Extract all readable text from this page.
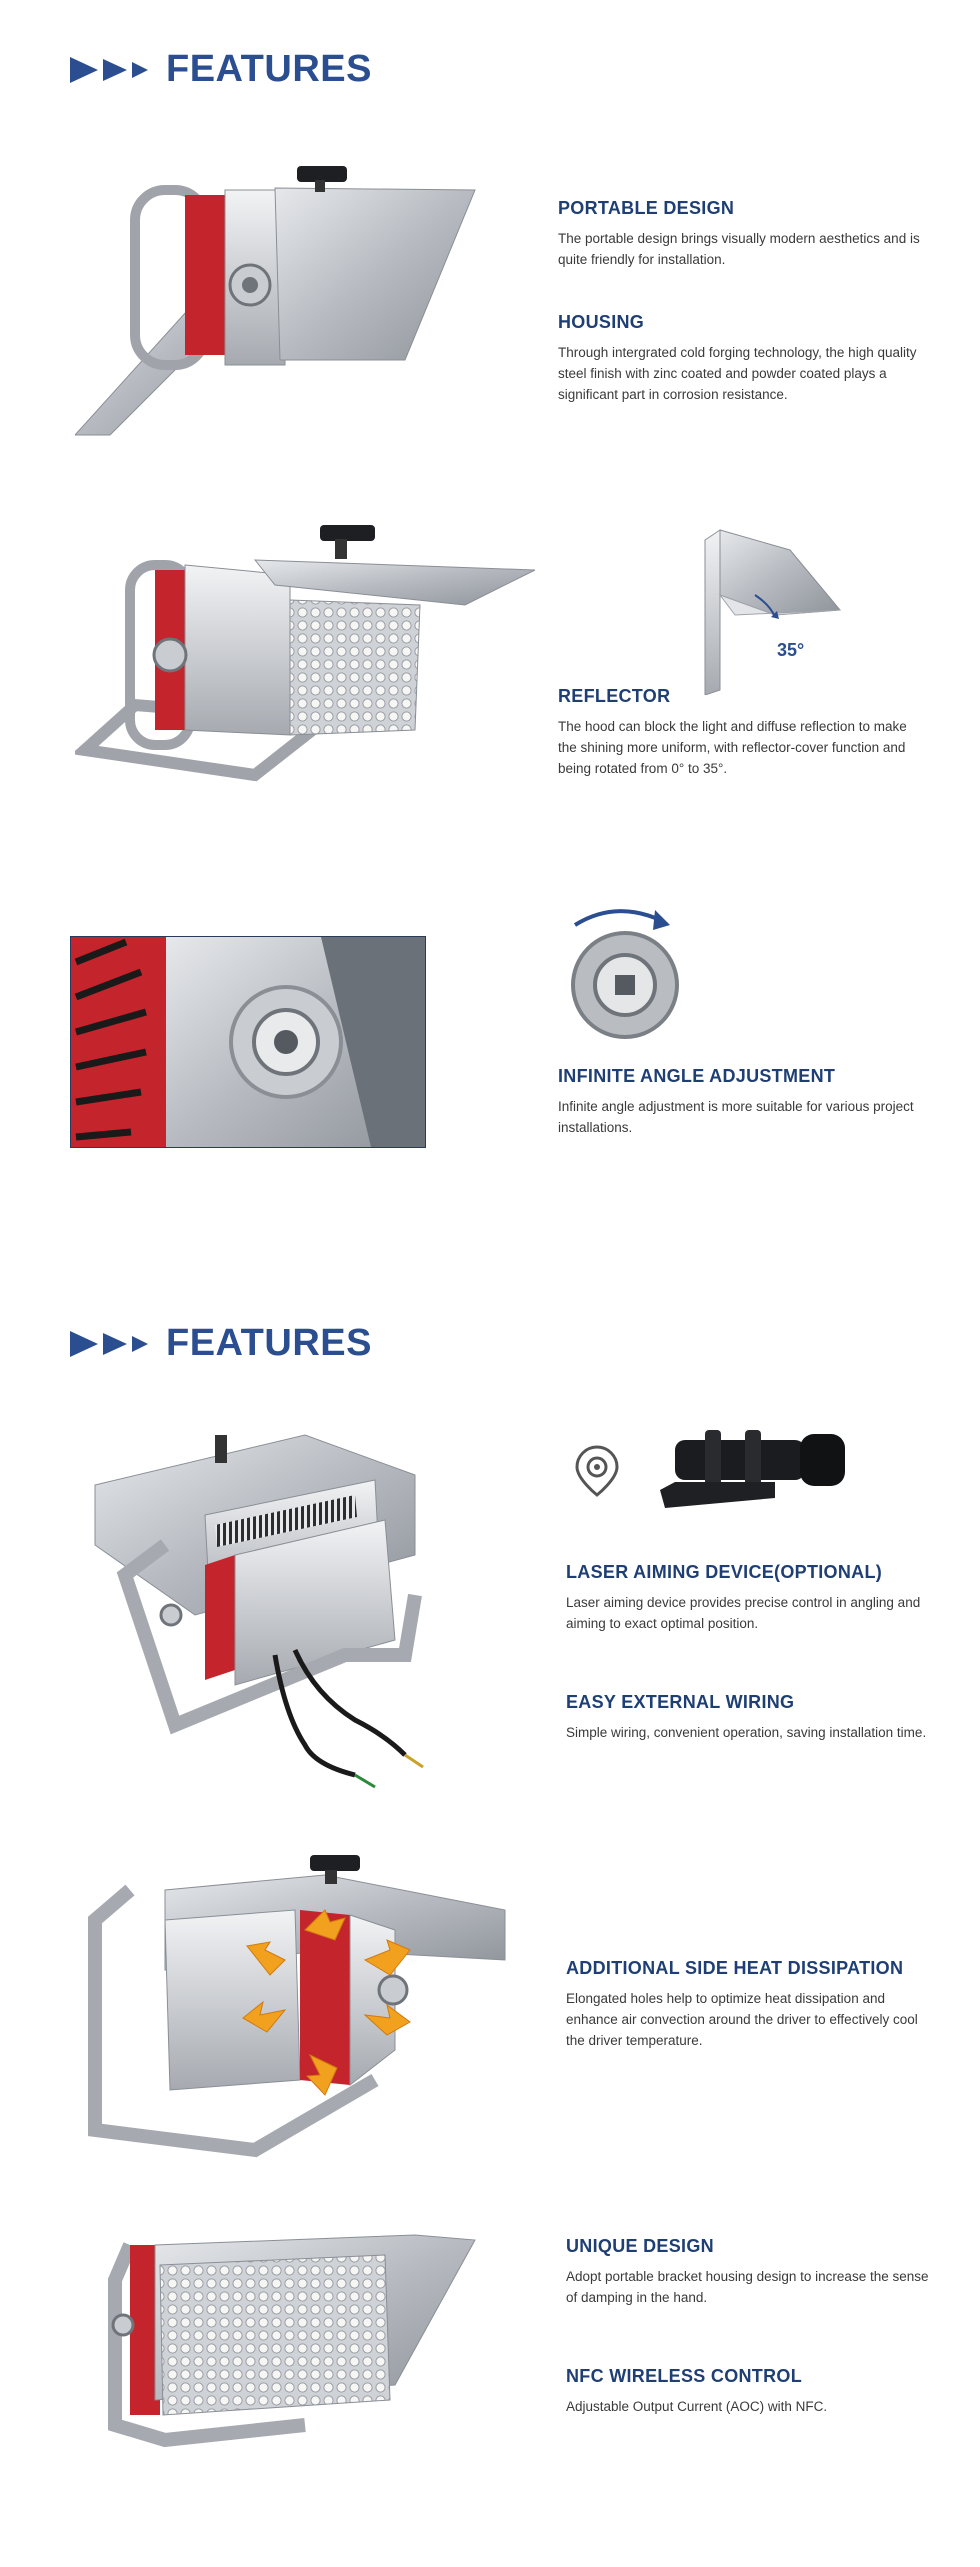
FEATURES
PORTABLE DESIGN
The portable design brings visually modern aesthetics and is quite friendly for installation.
HOUSING
Through intergrated cold forging technology, the high quality steel finish with zinc coated and powder coated plays a significant part in corrosion resistance.
35°
REFLECTOR
The hood can block the light and diffuse reflection to make the shining more uniform, with reflector-cover function and being rotated from 0° to 35°.
INFINITE ANGLE ADJUSTMENT
Infinite angle adjustment is more suitable for various project installations.
FEATURES
LASER AIMING DEVICE(OPTIONAL)
Laser aiming device provides precise control in angling and aiming to exact optimal position.
EASY EXTERNAL WIRING
Simple wiring, convenient operation, saving installation time.
ADDITIONAL SIDE HEAT DISSIPATION
Elongated holes help to optimize heat dissipation and enhance air convection around the driver to effectively cool the driver temperature.
UNIQUE DESIGN
Adopt portable bracket housing design to increase the sense of damping in the hand.
NFC WIRELESS CONTROL
Adjustable Output Current (AOC) with NFC.
